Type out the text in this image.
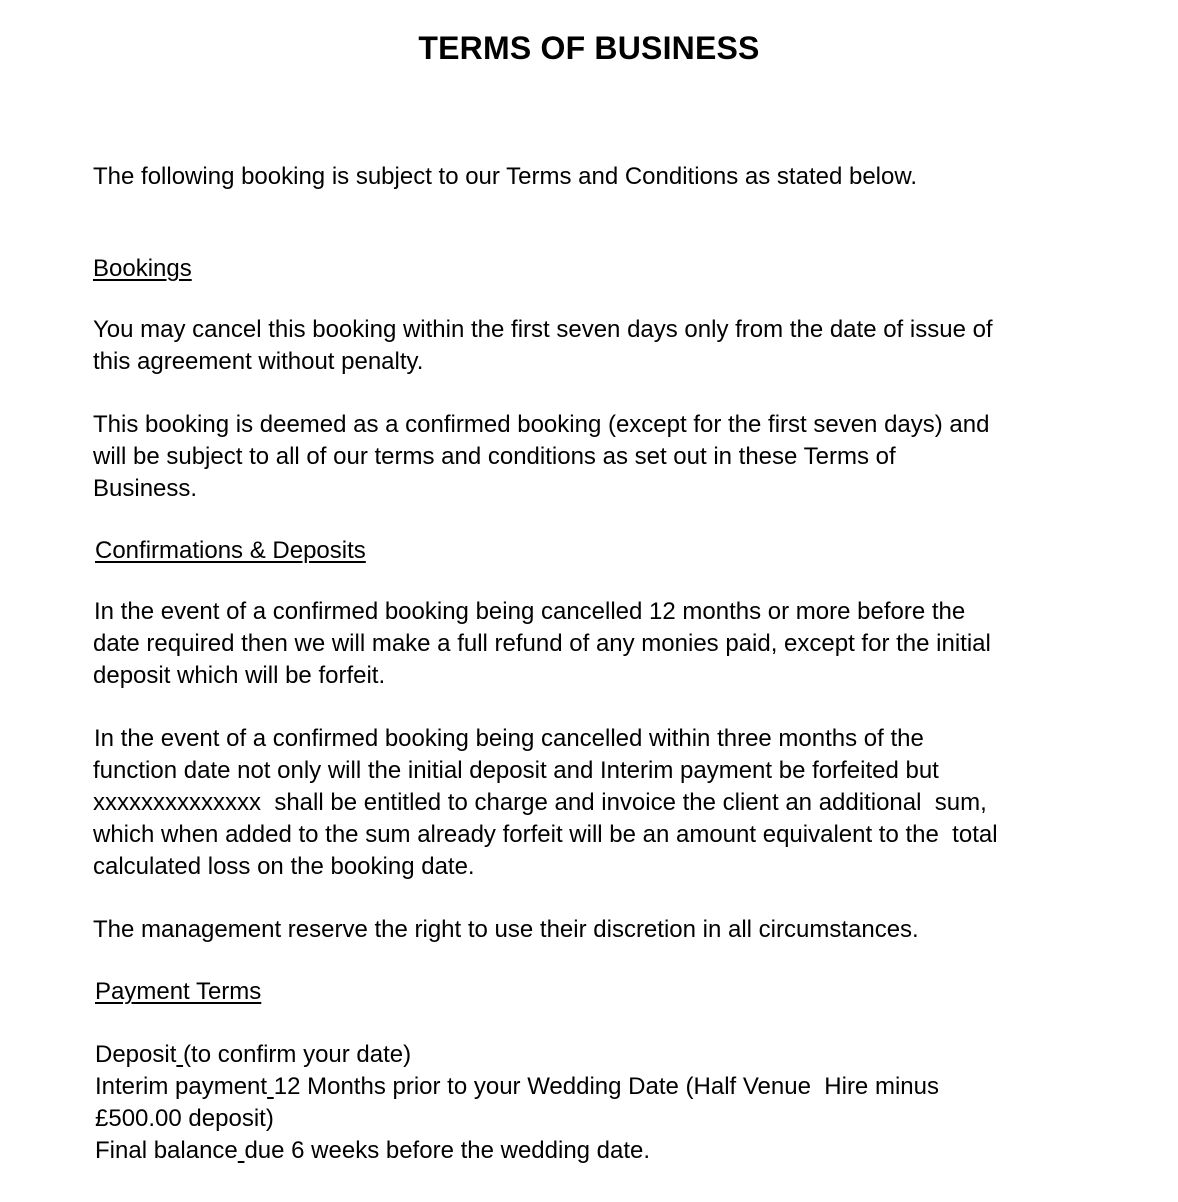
TERMS OF BUSINESS

The following booking is subject to our Terms and Conditions as stated below.

Bookings

You may cancel this booking within the first seven days only from the date of issue of
this agreement without penalty.

This booking is deemed as a confirmed booking (except for the first seven days) and
will be subject to all of our terms and conditions as set out in these Terms of
Business.

Confirmations & Deposits

In the event of a confirmed booking being cancelled 12 months or more before the
date required then we will make a full refund of any monies paid, except for the initial
deposit which will be forfeit.

In the event of a confirmed booking being cancelled within three months of the
function date not only will the initial deposit and Interim payment be forfeited but
xxxxxxxxxxxxxx  shall be entitled to charge and invoice the client an additional  sum,
which when added to the sum already forfeit will be an amount equivalent to the  total
calculated loss on the booking date.

The management reserve the right to use their discretion in all circumstances.

Payment Terms

Deposit (to confirm your date)
Interim payment 12 Months prior to your Wedding Date (Half Venue  Hire minus
£500.00 deposit)
Final balance due 6 weeks before the wedding date.
